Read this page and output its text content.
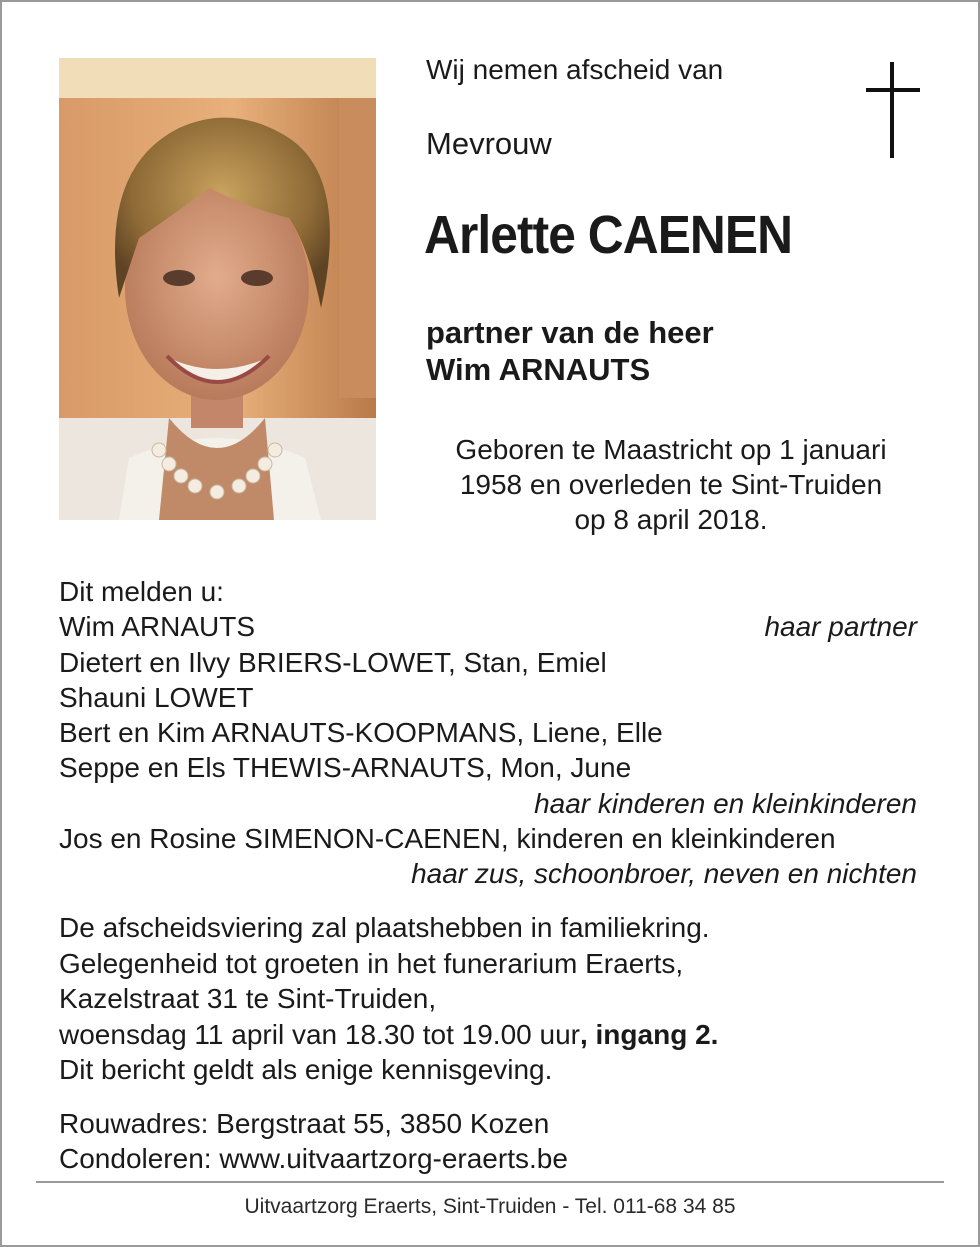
Wij nemen afscheid van
Mevrouw
Arlette CAENEN
partner van de heer
Wim ARNAUTS
Geboren te Maastricht op 1 januari
1958 en overleden te Sint-Truiden
op 8 april 2018.
Dit melden u:
Wim ARNAUTS	haar partner
Dietert en Ilvy BRIERS-LOWET, Stan, Emiel
Shauni LOWET
Bert en Kim ARNAUTS-KOOPMANS, Liene, Elle
Seppe en Els THEWIS-ARNAUTS, Mon, June
haar kinderen en kleinkinderen
Jos en Rosine SIMENON-CAENEN, kinderen en kleinkinderen
haar zus, schoonbroer, neven en nichten
De afscheidsviering zal plaatshebben in familiekring.
Gelegenheid tot groeten in het funerarium Eraerts,
Kazelstraat 31 te Sint-Truiden,
woensdag 11 april van 18.30 tot 19.00 uur, ingang 2.
Dit bericht geldt als enige kennisgeving.
Rouwadres: Bergstraat 55, 3850 Kozen
Condoleren: www.uitvaartzorg-eraerts.be
Uitvaartzorg Eraerts, Sint-Truiden - Tel. 011-68 34 85
